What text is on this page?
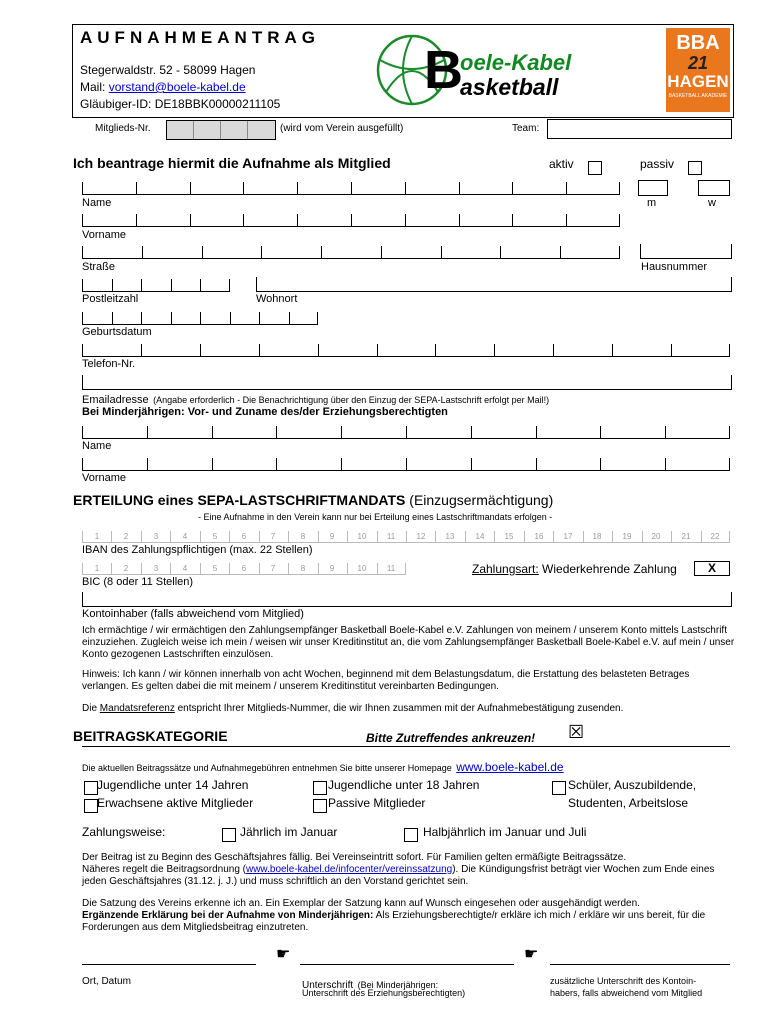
AUFNAHMEANTRAG
Stegerwaldstr. 52 - 58099 Hagen
Mail: vorstand@boele-kabel.de
Gläubiger-ID: DE18BBK00000211105
B
oele-Kabel
asketball
BBA
21
HAGEN
BASKETBALL AKADEMIE
Mitglieds-Nr.	(wird vom Verein ausgefüllt)	Team:
Ich beantrage hiermit die Aufnahme als Mitglied	aktiv	passiv
Name	m	w
Vorname
Straße	Hausnummer
Postleitzahl	Wohnort
Geburtsdatum
Telefon-Nr.
Emailadresse (Angabe erforderlich - Die Benachrichtigung über den Einzug der SEPA-Lastschrift erfolgt per Mail!)
Bei Minderjährigen: Vor- und Zuname des/der Erziehungsberechtigten
Name
Vorname
ERTEILUNG eines SEPA-LASTSCHRIFTMANDATS (Einzugsermächtigung)
- Eine Aufnahme in den Verein kann nur bei Erteilung eines Lastschriftmandats erfolgen -
1	2	3	4	5	6	7	8	9	10	11	12	13	14	15	16	17	18	19	20	21	22
IBAN des Zahlungspflichtigen (max. 22 Stellen)
1	2	3	4	5	6	7	8	9	10	11	Zahlungsart: Wiederkehrende Zahlung	X
BIC (8 oder 11 Stellen)
Kontoinhaber (falls abweichend vom Mitglied)
Ich ermächtige / wir ermächtigen den Zahlungsempfänger Basketball Boele-Kabel e.V. Zahlungen von meinem / unserem Konto mittels Lastschrift einzuziehen. Zugleich weise ich mein / weisen wir unser Kreditinstitut an, die vom Zahlungsempfänger Basketball Boele-Kabel e.V. auf mein / unser Konto gezogenen Lastschriften einzulösen.
Hinweis: Ich kann / wir können innerhalb von acht Wochen, beginnend mit dem Belastungsdatum, die Erstattung des belasteten Betrages verlangen. Es gelten dabei die mit meinem / unserem Kreditinstitut vereinbarten Bedingungen.
Die Mandatsreferenz entspricht Ihrer Mitglieds-Nummer, die wir Ihnen zusammen mit der Aufnahmebestätigung zusenden.
BEITRAGSKATEGORIE	Bitte Zutreffendes ankreuzen! ☒
Die aktuellen Beitragssätze und Aufnahmegebühren entnehmen Sie bitte unserer Homepage www.boele-kabel.de
Jugendliche unter 14 Jahren	Jugendliche unter 18 Jahren	Schüler, Auszubildende,
Studenten, Arbeitslose
Erwachsene aktive Mitglieder	Passive Mitglieder
Zahlungsweise:	Jährlich im Januar	Halbjährlich im Januar und Juli
Der Beitrag ist zu Beginn des Geschäftsjahres fällig. Bei Vereinseintritt sofort. Für Familien gelten ermäßigte Beitragssätze.
Näheres regelt die Beitragsordnung (www.boele-kabel.de/infocenter/vereinssatzung). Die Kündigungsfrist beträgt vier Wochen zum Ende eines jeden Geschäftsjahres (31.12. j. J.) und muss schriftlich an den Vorstand gerichtet sein.
Die Satzung des Vereins erkenne ich an. Ein Exemplar der Satzung kann auf Wunsch eingesehen oder ausgehändigt werden.
Ergänzende Erklärung bei der Aufnahme von Minderjährigen: Als Erziehungsberechtigte/r erkläre ich mich / erkläre wir uns bereit, für die Forderungen aus dem Mitgliedsbeitrag einzutreten.
☛	☛
Ort, Datum	Unterschrift (Bei Minderjährigen:
Unterschrift des Erziehungsberechtigten)
zusätzliche Unterschrift des Kontoin-
habers, falls abweichend vom Mitglied
